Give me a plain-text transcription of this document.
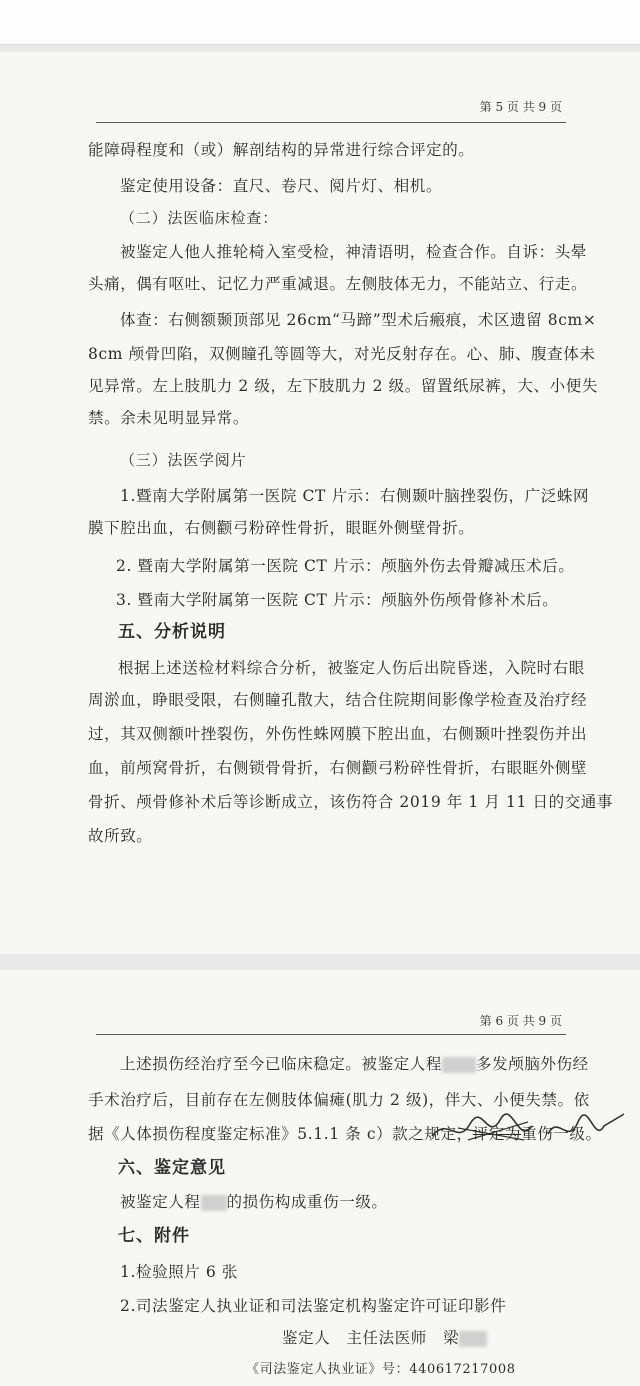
第 5 页 共 9 页
能障碍程度和（或）解剖结构的异常进行综合评定的。
鉴定使用设备：直尺、卷尺、阅片灯、相机。
（二）法医临床检查：
被鉴定人他人推轮椅入室受检，神清语明，检查合作。自诉：头晕
头痛，偶有呕吐、记忆力严重减退。左侧肢体无力，不能站立、行走。
体查：右侧额颞顶部见 26cm“马蹄”型术后瘢痕，术区遗留 8cm×
8cm 颅骨凹陷，双侧瞳孔等圆等大，对光反射存在。心、肺、腹查体未
见异常。左上肢肌力 2 级，左下肢肌力 2 级。留置纸尿裤，大、小便失
禁。余未见明显异常。
（三）法医学阅片
1.暨南大学附属第一医院 CT 片示：右侧颞叶脑挫裂伤，广泛蛛网
膜下腔出血，右侧颧弓粉碎性骨折，眼眶外侧壁骨折。
2. 暨南大学附属第一医院 CT 片示：颅脑外伤去骨瓣减压术后。
3. 暨南大学附属第一医院 CT 片示：颅脑外伤颅骨修补术后。
五、分析说明
根据上述送检材料综合分析，被鉴定人伤后出院昏迷，入院时右眼
周淤血，睁眼受限，右侧瞳孔散大，结合住院期间影像学检查及治疗经
过，其双侧额叶挫裂伤，外伤性蛛网膜下腔出血，右侧颞叶挫裂伤并出
血，前颅窝骨折，右侧锁骨骨折，右侧颧弓粉碎性骨折，右眼眶外侧壁
骨折、颅骨修补术后等诊断成立，该伤符合 2019 年 1 月 11 日的交通事
故所致。
第 6 页 共 9 页
上述损伤经治疗至今已临床稳定。被鉴定人程 多发颅脑外伤经
手术治疗后，目前存在左侧肢体偏瘫(肌力 2 级)，伴大、小便失禁。依
据《人体损伤程度鉴定标准》5.1.1 条 c）款之规定，评定为重伤一级。
六、鉴定意见
被鉴定人程 的损伤构成重伤一级。
七、附件
1.检验照片 6 张
2.司法鉴定人执业证和司法鉴定机构鉴定许可证印影件
鉴定人　主任法医师　梁
《司法鉴定人执业证》号：440617217008
